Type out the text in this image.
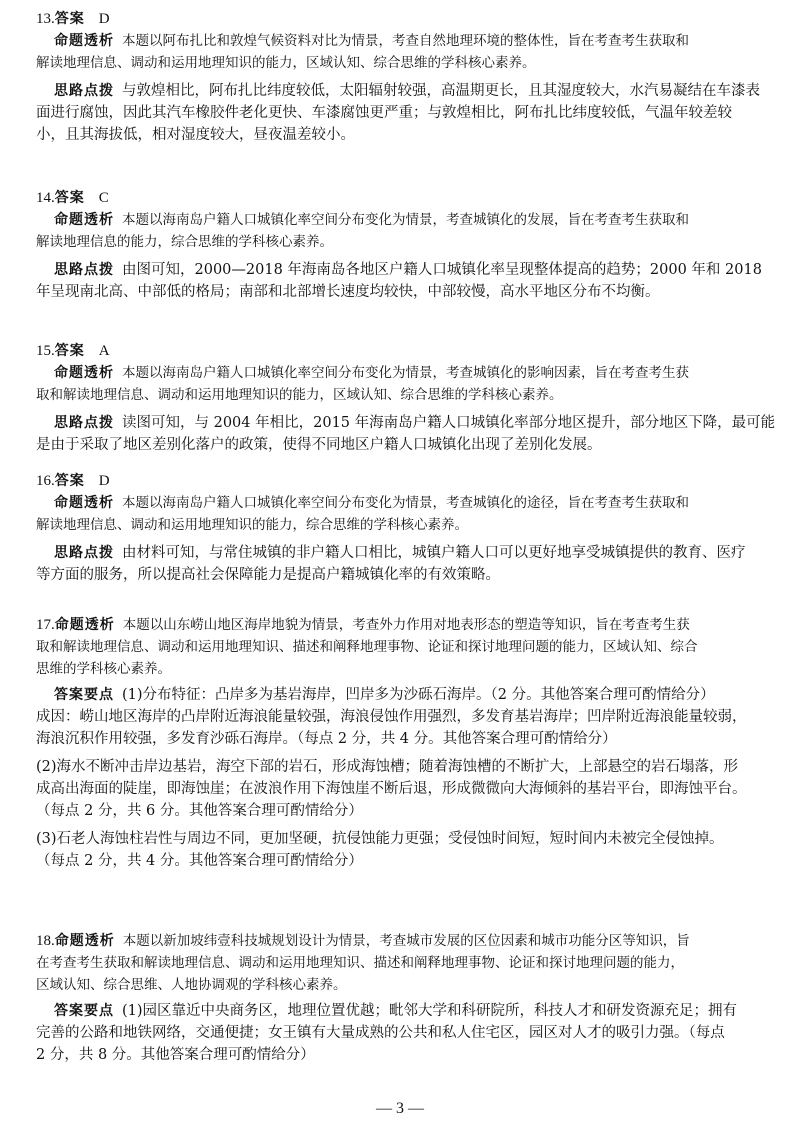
13.答案 D
命题透析 本题以阿布扎比和敦煌气候资料对比为情景，考查自然地理环境的整体性，旨在考查考生获取和
解读地理信息、调动和运用地理知识的能力，区域认知、综合思维的学科核心素养。
思路点拨 与敦煌相比，阿布扎比纬度较低，太阳辐射较强，高温期更长，且其湿度较大，水汽易凝结在车漆表
面进行腐蚀，因此其汽车橡胶件老化更快、车漆腐蚀更严重；与敦煌相比，阿布扎比纬度较低，气温年较差较
小，且其海拔低，相对湿度较大，昼夜温差较小。
14.答案 C
命题透析 本题以海南岛户籍人口城镇化率空间分布变化为情景，考查城镇化的发展，旨在考查考生获取和
解读地理信息的能力，综合思维的学科核心素养。
思路点拨 由图可知，2000—2018 年海南岛各地区户籍人口城镇化率呈现整体提高的趋势；2000 年和 2018
年呈现南北高、中部低的格局；南部和北部增长速度均较快，中部较慢，高水平地区分布不均衡。
15.答案 A
命题透析 本题以海南岛户籍人口城镇化率空间分布变化为情景，考查城镇化的影响因素，旨在考查考生获
取和解读地理信息、调动和运用地理知识的能力，区域认知、综合思维的学科核心素养。
思路点拨 读图可知，与 2004 年相比，2015 年海南岛户籍人口城镇化率部分地区提升，部分地区下降，最可能
是由于采取了地区差别化落户的政策，使得不同地区户籍人口城镇化出现了差别化发展。
16.答案 D
命题透析 本题以海南岛户籍人口城镇化率空间分布变化为情景，考查城镇化的途径，旨在考查考生获取和
解读地理信息、调动和运用地理知识的能力，综合思维的学科核心素养。
思路点拨 由材料可知，与常住城镇的非户籍人口相比，城镇户籍人口可以更好地享受城镇提供的教育、医疗
等方面的服务，所以提高社会保障能力是提高户籍城镇化率的有效策略。
17.命题透析 本题以山东崂山地区海岸地貌为情景，考查外力作用对地表形态的塑造等知识，旨在考查考生获
取和解读地理信息、调动和运用地理知识、描述和阐释地理事物、论证和探讨地理问题的能力，区域认知、综合
思维的学科核心素养。
答案要点 (1)分布特征：凸岸多为基岩海岸，凹岸多为沙砾石海岸。（2 分。其他答案合理可酌情给分）
成因：崂山地区海岸的凸岸附近海浪能量较强，海浪侵蚀作用强烈，多发育基岩海岸；凹岸附近海浪能量较弱，
海浪沉积作用较强，多发育沙砾石海岸。（每点 2 分，共 4 分。其他答案合理可酌情给分）
(2)海水不断冲击岸边基岩，海空下部的岩石，形成海蚀槽；随着海蚀槽的不断扩大，上部悬空的岩石塌落，形
成高出海面的陡崖，即海蚀崖；在波浪作用下海蚀崖不断后退，形成微微向大海倾斜的基岩平台，即海蚀平台。
（每点 2 分，共 6 分。其他答案合理可酌情给分）
(3)石老人海蚀柱岩性与周边不同，更加坚硬，抗侵蚀能力更强；受侵蚀时间短，短时间内未被完全侵蚀掉。
（每点 2 分，共 4 分。其他答案合理可酌情给分）
18.命题透析 本题以新加坡纬壹科技城规划设计为情景，考查城市发展的区位因素和城市功能分区等知识，旨
在考查考生获取和解读地理信息、调动和运用地理知识、描述和阐释地理事物、论证和探讨地理问题的能力，
区域认知、综合思维、人地协调观的学科核心素养。
答案要点 (1)园区靠近中央商务区，地理位置优越；毗邻大学和科研院所，科技人才和研发资源充足；拥有
完善的公路和地铁网络，交通便捷；女王镇有大量成熟的公共和私人住宅区，园区对人才的吸引力强。（每点
2 分，共 8 分。其他答案合理可酌情给分）
— 3 —
